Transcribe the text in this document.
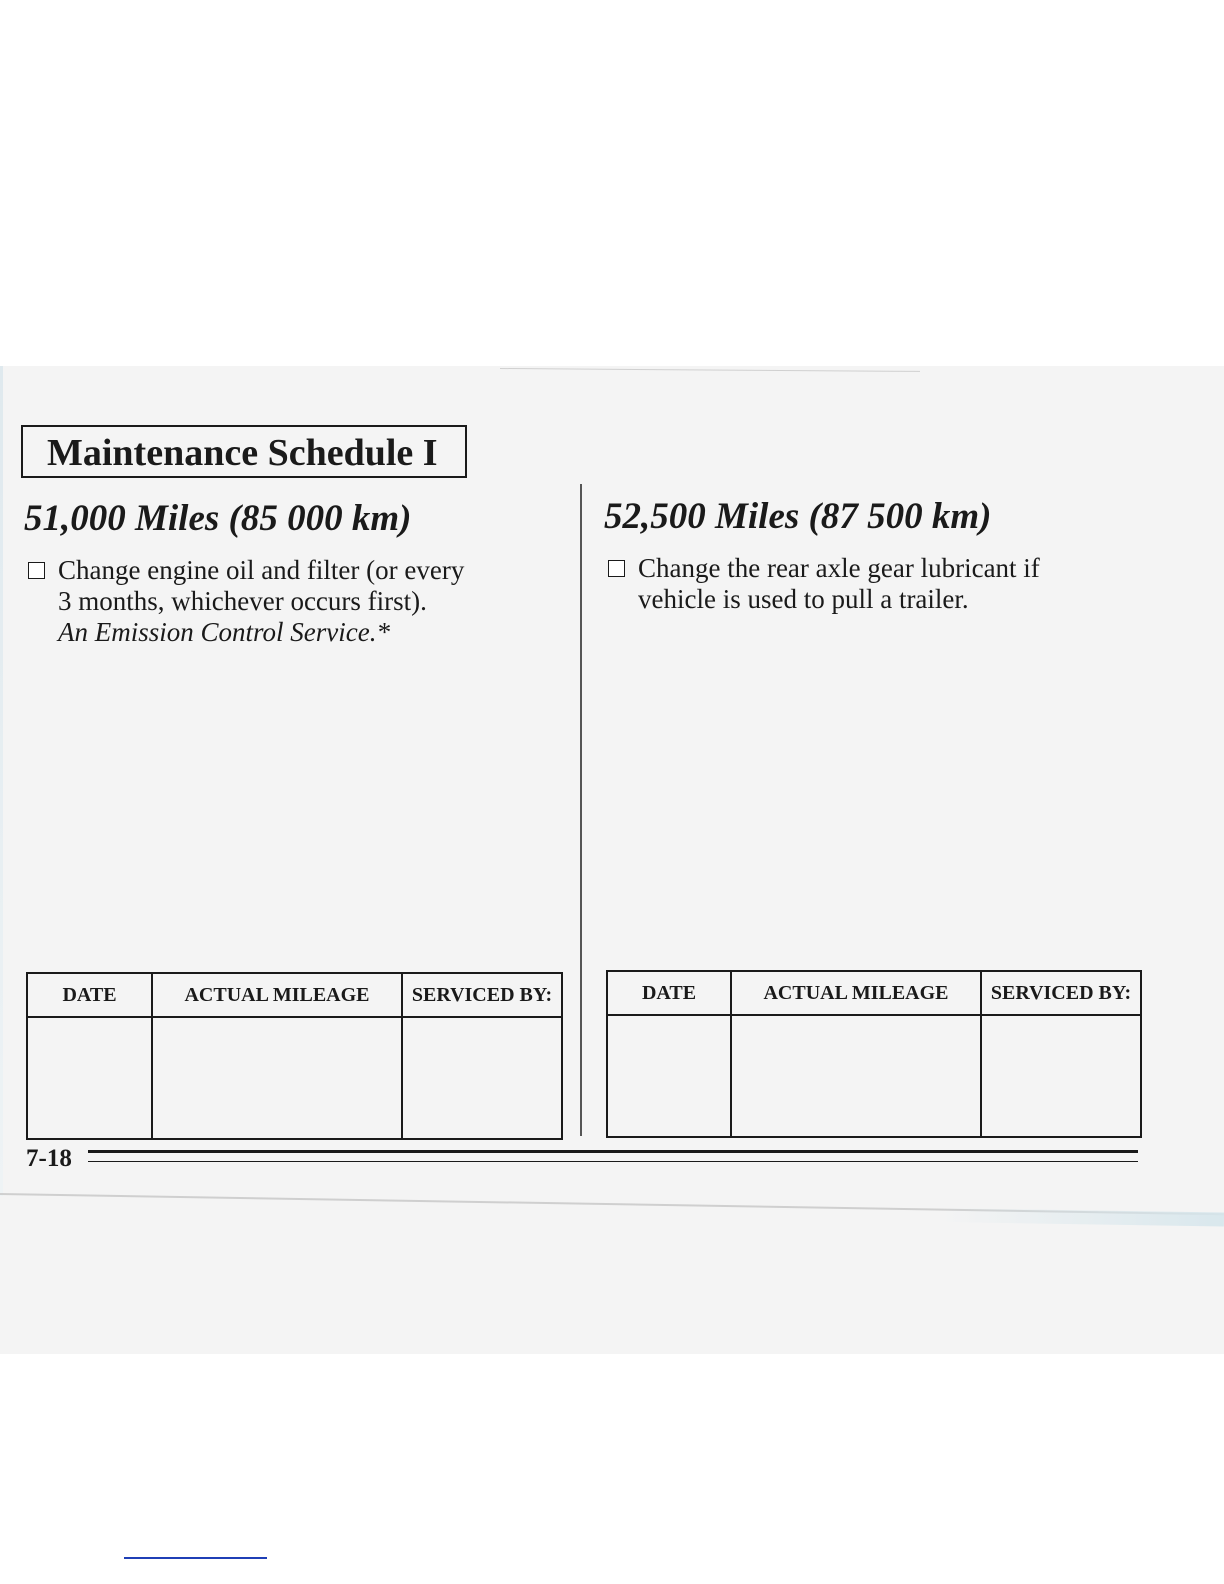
Maintenance Schedule I
51,000 Miles (85 000 km)
Change engine oil and filter (or every
3 months, whichever occurs first).
An Emission Control Service.*
52,500 Miles (87 500 km)
Change the rear axle gear lubricant if
vehicle is used to pull a trailer.
DATE	ACTUAL MILEAGE	SERVICED BY:
			DATE	ACTUAL MILEAGE	SERVICED BY:

7-18
